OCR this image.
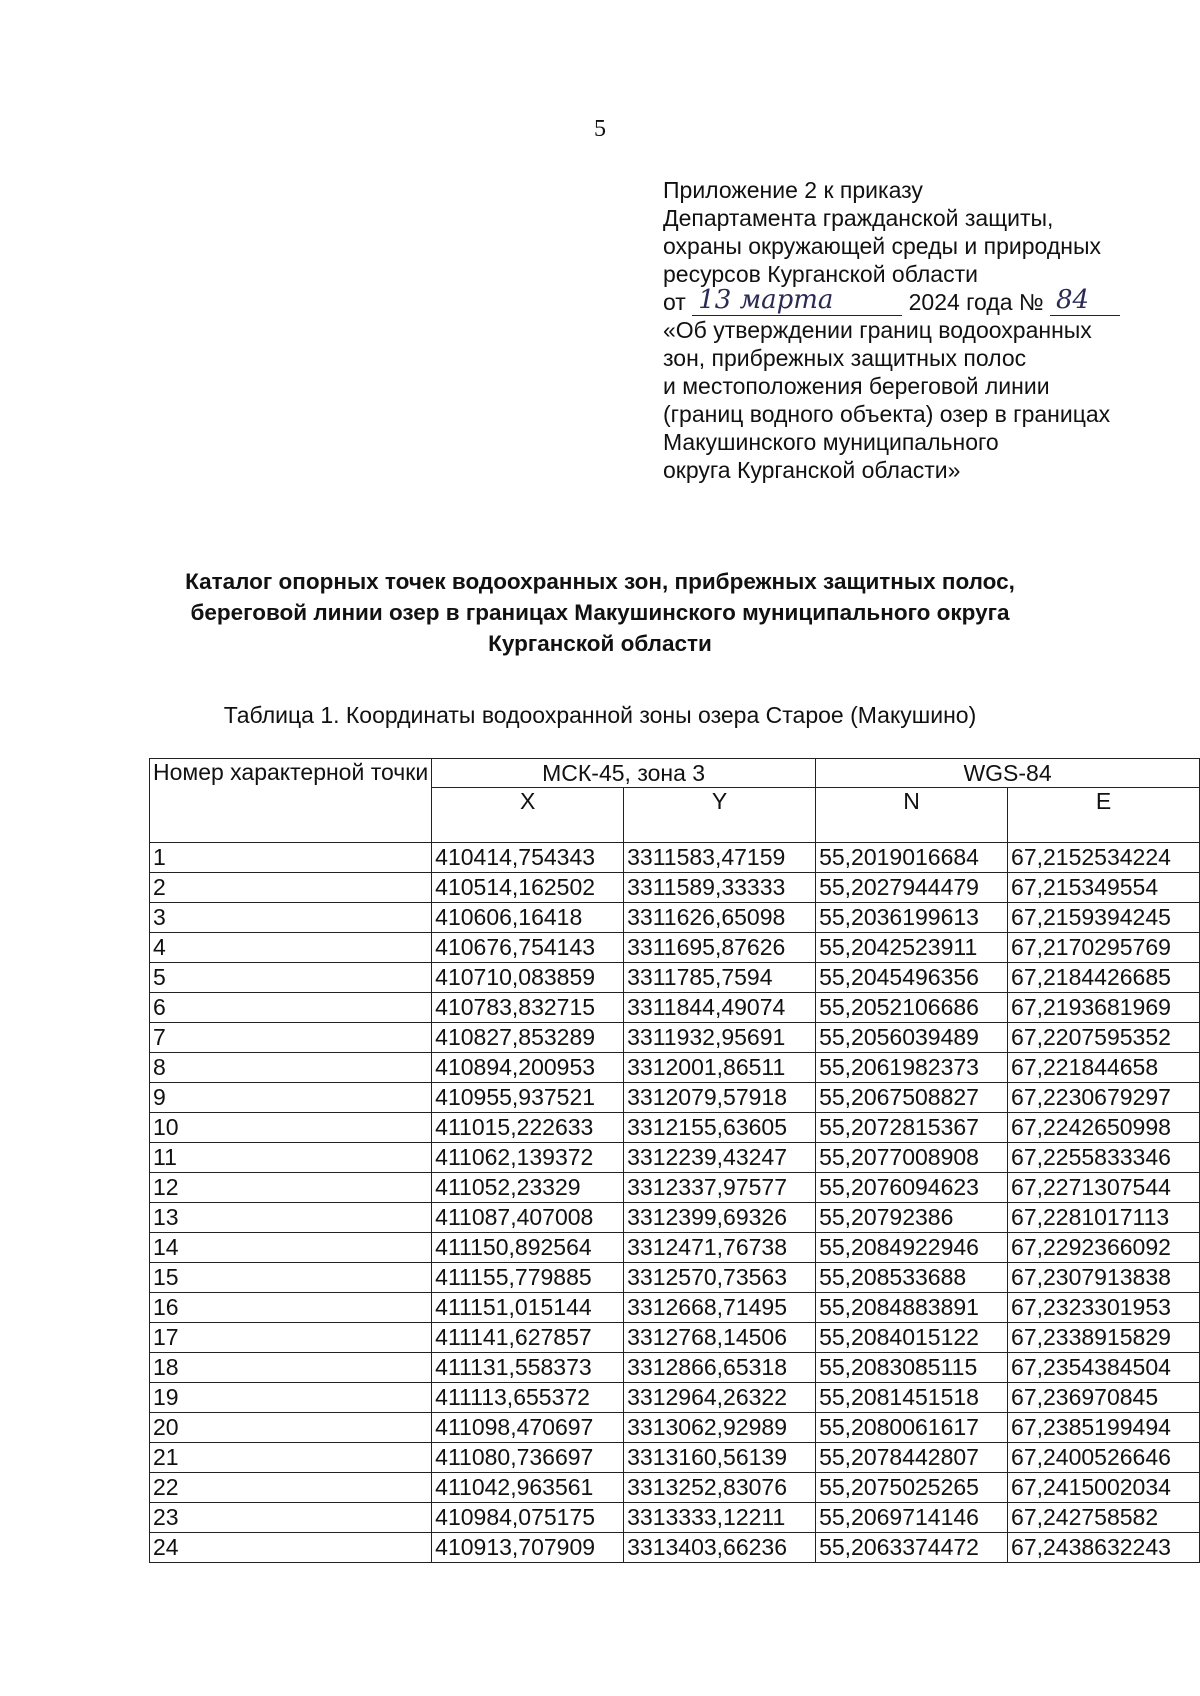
5
Приложение 2 к приказу
Департамента гражданской защиты,
охраны окружающей среды и природных
ресурсов Курганской области
от 13 марта	2024 года № 84
«Об утверждении границ водоохранных
зон, прибрежных защитных полос
и местоположения береговой линии
(границ водного объекта) озер в границах
Макушинского муниципального
округа Курганской области»
Каталог опорных точек водоохранных зон, прибрежных защитных полос,
береговой линии озер в границах Макушинского муниципального округа
Курганской области
Таблица 1. Координаты водоохранной зоны озера Старое (Макушино)
Номер характерной точки	МСК-45, зона 3		WGS-84	
	X	Y	N	E
1	410414,754343	3311583,47159	55,2019016684	67,2152534224
2	410514,162502	3311589,33333	55,2027944479	67,215349554
3	410606,16418	3311626,65098	55,2036199613	67,2159394245
4	410676,754143	3311695,87626	55,2042523911	67,2170295769
5	410710,083859	3311785,7594	55,2045496356	67,2184426685
6	410783,832715	3311844,49074	55,2052106686	67,2193681969
7	410827,853289	3311932,95691	55,2056039489	67,2207595352
8	410894,200953	3312001,86511	55,2061982373	67,221844658
9	410955,937521	3312079,57918	55,2067508827	67,2230679297
10	411015,222633	3312155,63605	55,2072815367	67,2242650998
11	411062,139372	3312239,43247	55,2077008908	67,2255833346
12	411052,23329	3312337,97577	55,2076094623	67,2271307544
13	411087,407008	3312399,69326	55,20792386	67,2281017113
14	411150,892564	3312471,76738	55,2084922946	67,2292366092
15	411155,779885	3312570,73563	55,208533688	67,2307913838
16	411151,015144	3312668,71495	55,2084883891	67,2323301953
17	411141,627857	3312768,14506	55,2084015122	67,2338915829
18	411131,558373	3312866,65318	55,2083085115	67,2354384504
19	411113,655372	3312964,26322	55,2081451518	67,236970845
20	411098,470697	3313062,92989	55,2080061617	67,2385199494
21	411080,736697	3313160,56139	55,2078442807	67,2400526646
22	411042,963561	3313252,83076	55,2075025265	67,2415002034
23	410984,075175	3313333,12211	55,2069714146	67,242758582
24	410913,707909	3313403,66236	55,2063374472	67,2438632243
